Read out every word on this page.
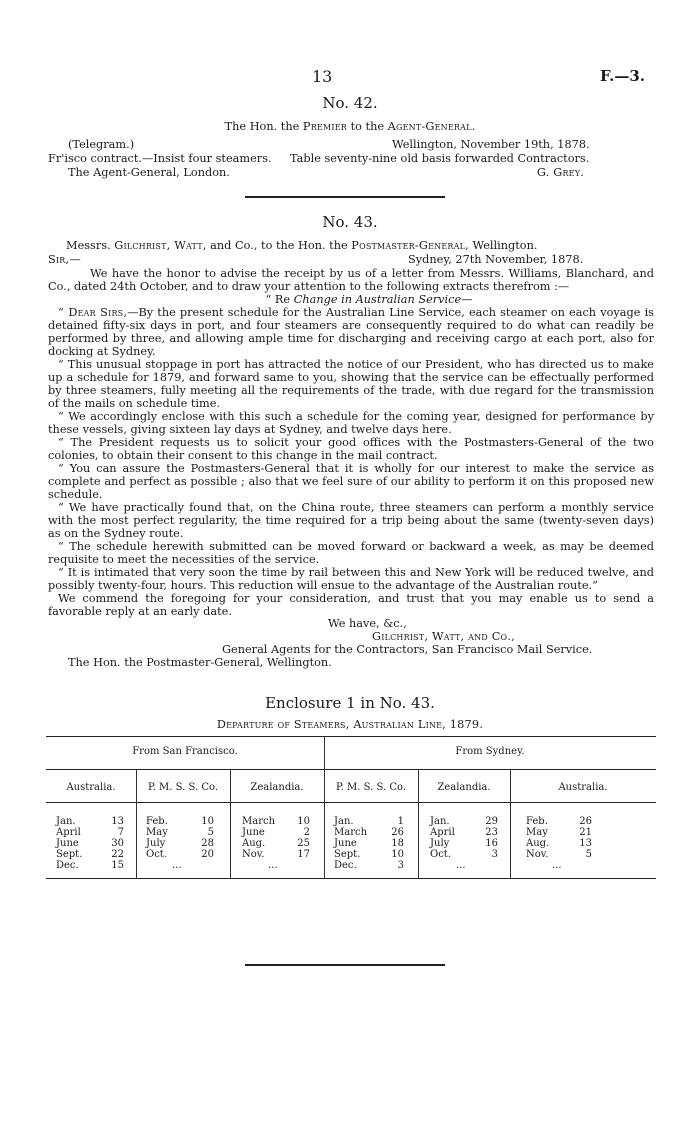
13	F.—3.
No. 42.
The Hon. the Premier to the Agent-General.
(Telegram.)	Wellington, November 19th, 1878.
Fr'isco contract.—Insist four steamers. Table seventy-nine old basis forwarded Contractors.
The Agent-General, London.	G. Grey.
No. 43.
Messrs. Gilchrist, Watt, and Co., to the Hon. the Postmaster-General, Wellington.
Sir,—	Sydney, 27th November, 1878.

We have the honor to advise the receipt by us of a letter from Messrs. Williams, Blanchard, and Co., dated 24th October, and to draw your attention to the following extracts therefrom :—

“ Re Change in Australian Service—

“ Dear Sirs,—By the present schedule for the Australian Line Service, each steamer on each voyage is detained fifty-six days in port, and four steamers are consequently required to do what can readily be performed by three, and allowing ample time for discharging and receiving cargo at each port, also for docking at Sydney.

“ This unusual stoppage in port has attracted the notice of our President, who has directed us to make up a schedule for 1879, and forward same to you, showing that the service can be effectually performed by three steamers, fully meeting all the requirements of the trade, with due regard for the transmission of the mails on schedule time.

“ We accordingly enclose with this such a schedule for the coming year, designed for performance by these vessels, giving sixteen lay days at Sydney, and twelve days here.

“ The President requests us to solicit your good offices with the Postmasters-General of the two colonies, to obtain their consent to this change in the mail contract.

“ You can assure the Postmasters-General that it is wholly for our interest to make the service as complete and perfect as possible ; also that we feel sure of our ability to perform it on this proposed new schedule.

“ We have practically found that, on the China route, three steamers can perform a monthly service with the most perfect regularity, the time required for a trip being about the same (twenty-seven days) as on the Sydney route.

“ The schedule herewith submitted can be moved forward or backward a week, as may be deemed requisite to meet the necessities of the service.

“ It is intimated that very soon the time by rail between this and New York will be reduced twelve, and possibly twenty-four, hours. This reduction will ensue to the advantage of the Australian route.”

We commend the foregoing for your consideration, and trust that you may enable us to send a favorable reply at an early date.

We have, &c.,
Gilchrist, Watt, and Co.,
General Agents for the Contractors, San Francisco Mail Service.
The Hon. the Postmaster-General, Wellington.
Enclosure 1 in No. 43.
Departure of Steamers, Australian Line, 1879.
From San Francisco.	From Sydney.
Australia.	P. M. S. S. Co.	Zealandia.	P. M. S. S. Co.	Zealandia.	Australia.
Jan.	13 Feb.	10	March	10 Jan.	1	Jan.	29	Feb.	26
April	7 May	5	June	2 March	26	April	23	May	21
June	30 July	28	Aug.	25 June	18	July	16	Aug.	13
Sept.	22 Oct.	20	Nov.	17 Sept.	10	Oct.	3	Nov.	5
Dec.	15	...	...	Dec.	3	...	...
